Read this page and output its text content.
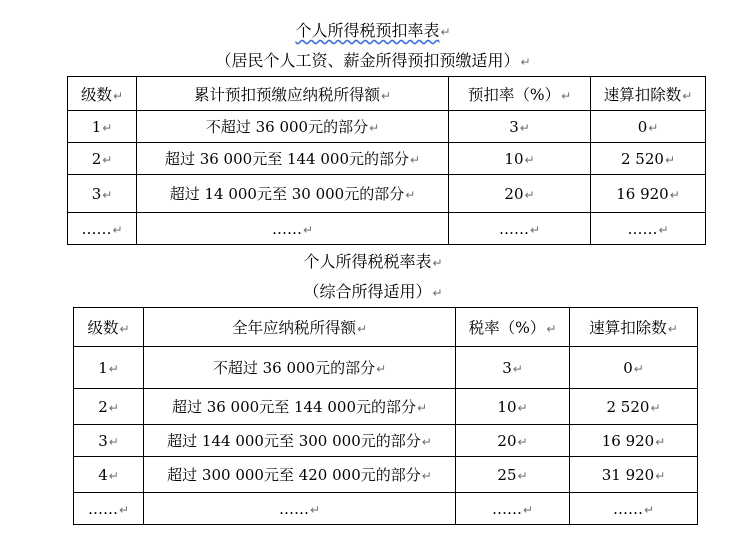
个人所得税预扣率表↵
（居民个人工资、薪金所得预扣预缴适用）↵
级数↵	累计预扣预缴应纳税所得额↵	预扣率（%）↵	速算扣除数↵
1↵	不超过 36 000元的部分↵	3↵	0↵
2↵	超过 36 000元至 144 000元的部分↵	10↵	2 520↵
3↵	超过 14 000元至 30 000元的部分↵	20↵	16 920↵
……↵	……↵	……↵	……↵
个人所得税税率表↵
（综合所得适用）↵
级数↵	全年应纳税所得额↵	税率（%）↵	速算扣除数↵
1↵	不超过 36 000元的部分↵	3↵	0↵
2↵	超过 36 000元至 144 000元的部分↵	10↵	2 520↵
3↵	超过 144 000元至 300 000元的部分↵	20↵	16 920↵
4↵	超过 300 000元至 420 000元的部分↵	25↵	31 920↵
……↵	……↵	……↵	……↵
